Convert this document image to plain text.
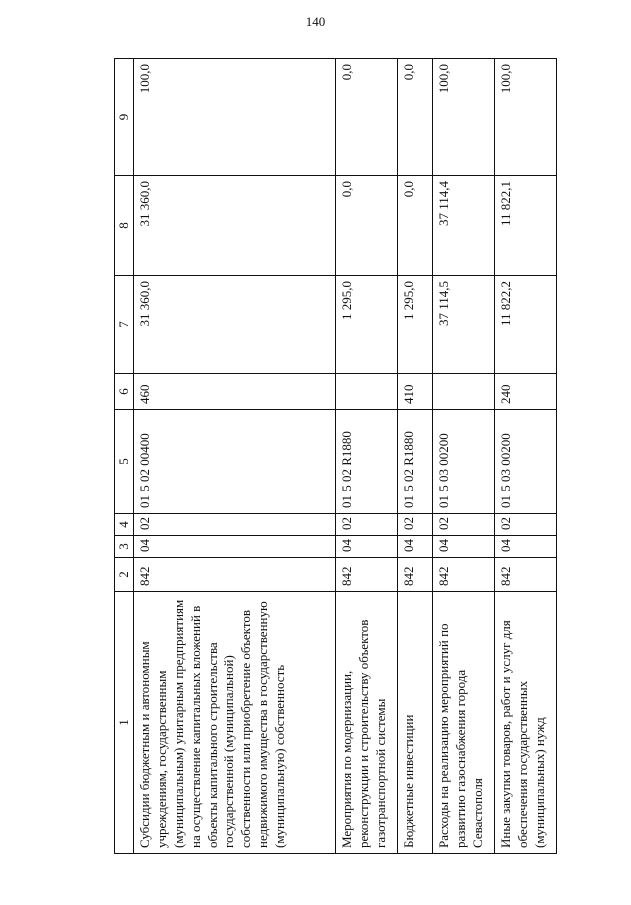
140
1	2	3	4	5	6	7	8	9
Субсидии бюджетным и автономным учреждениям, государственным (муниципальным) унитарным предприятиям на осуществление капитальных вложений в объекты капитального строительства государственной (муниципальной) собственности или приобретение объектов недвижимого имущества в государственную (муниципальную) собственность	842	04	02	01 5 02 00400	460	31 360,0	31 360,0	100,0
Мероприятия по модернизации, реконструкции и строительству объектов газотранспортной системы	842	04	02	01 5 02 R1880		1 295,0	0,0	0,0
Бюджетные инвестиции	842	04	02	01 5 02 R1880	410	1 295,0	0,0	0,0
Расходы на реализацию мероприятий по развитию газоснабжения города Севастополя	842	04	02	01 5 03 00200		37 114,5	37 114,4	100,0
Иные закупки товаров, работ и услуг для обеспечения государственных (муниципальных) нужд	842	04	02	01 5 03 00200	240	11 822,2	11 822,1	100,0
